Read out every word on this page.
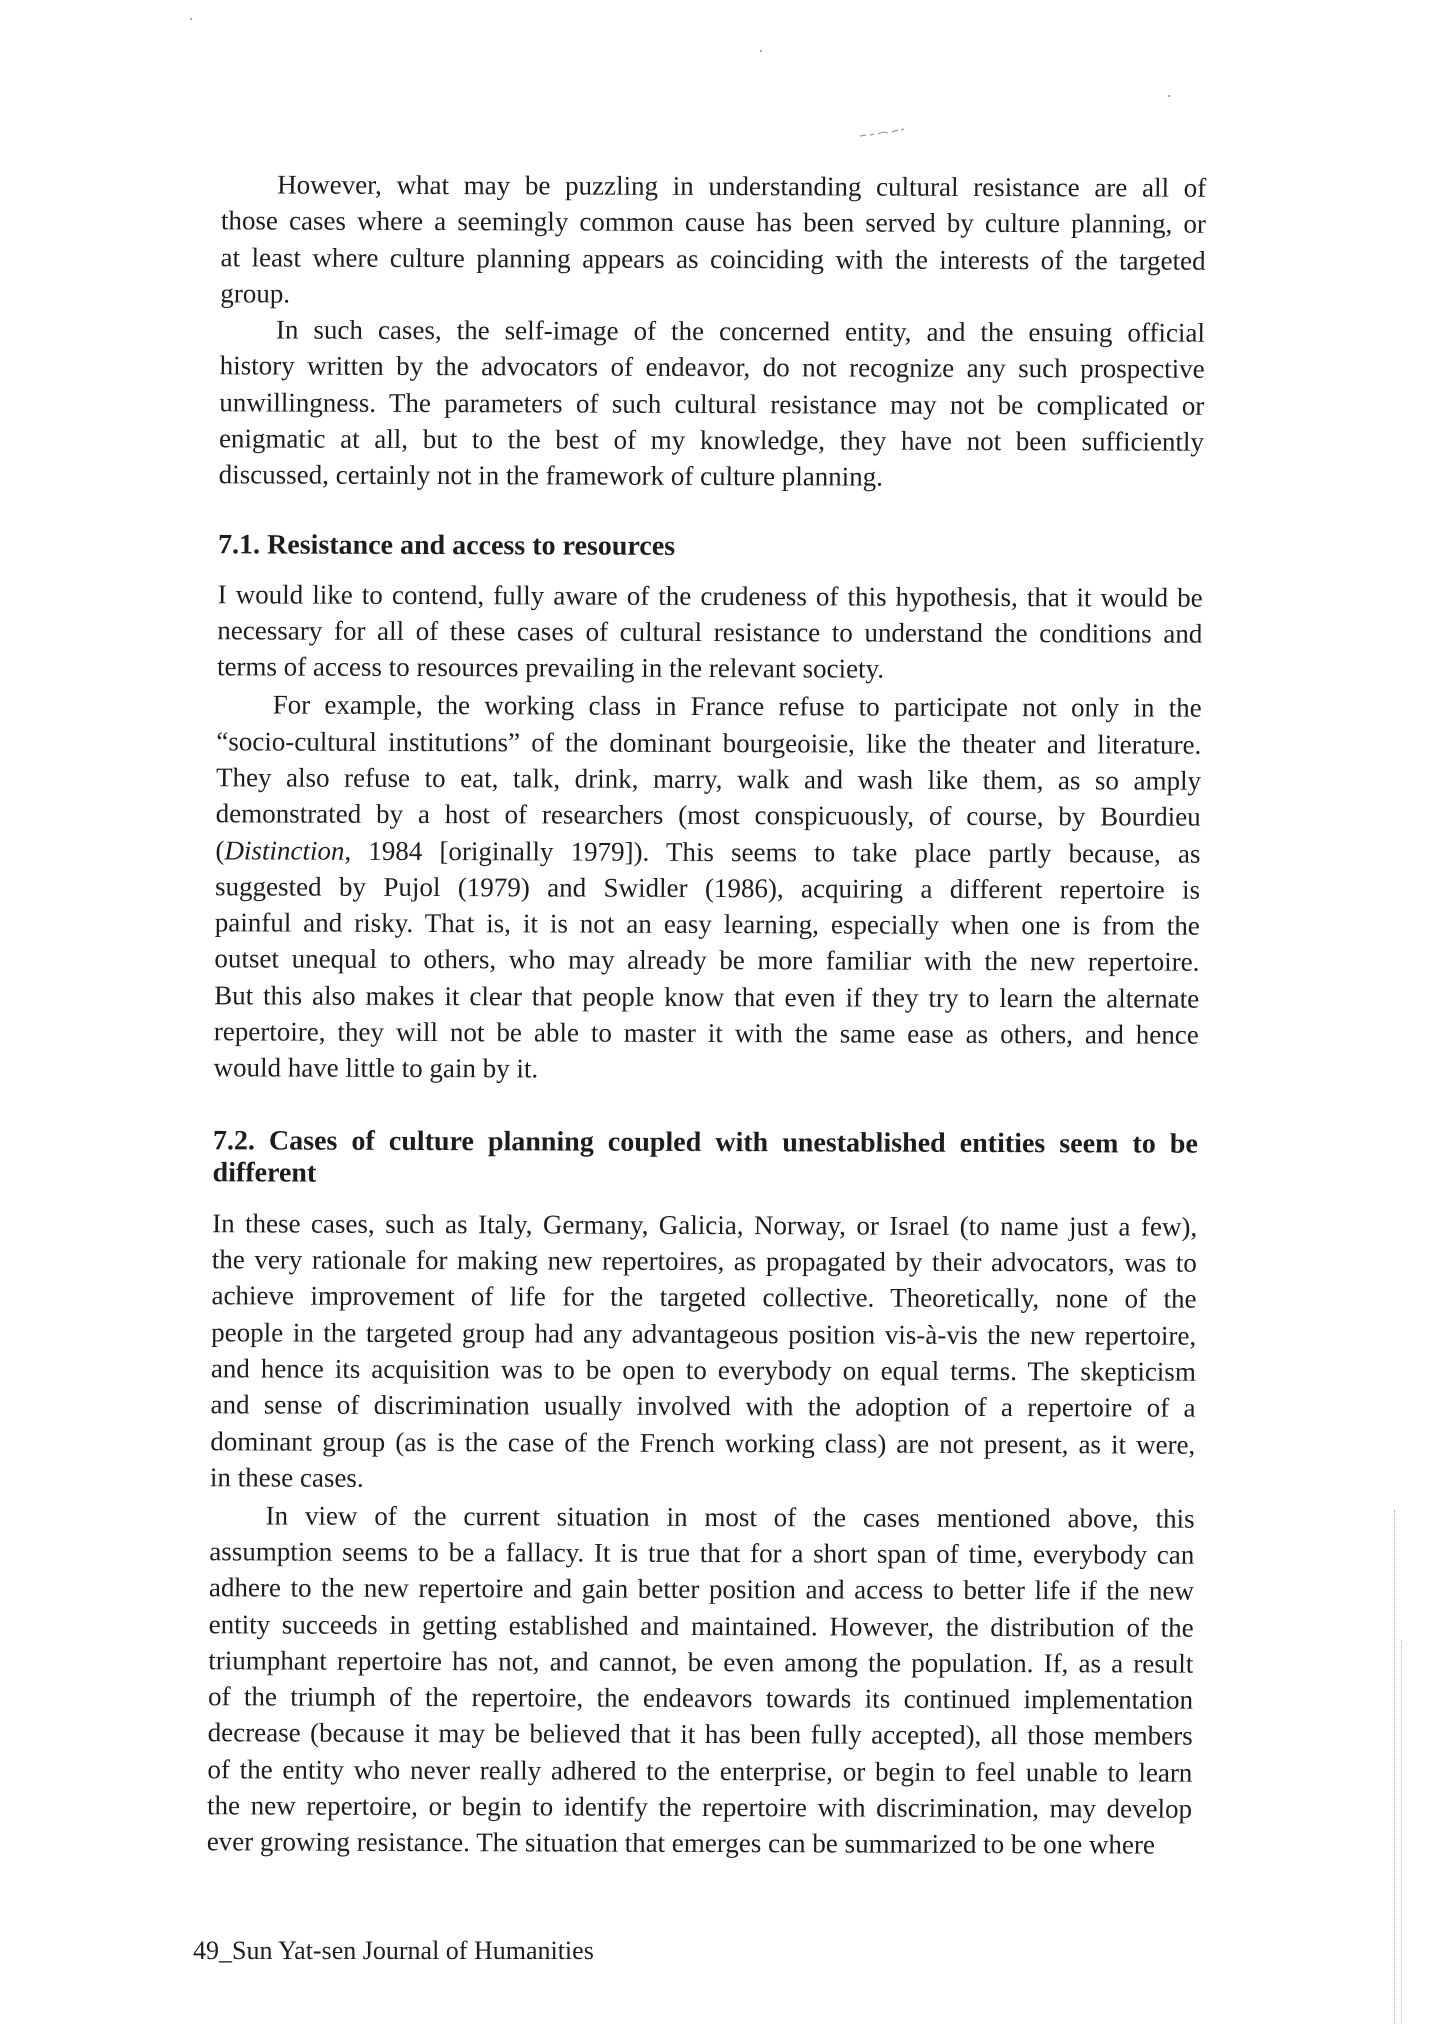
However, what may be puzzling in understanding cultural resistance are all of
those cases where a seemingly common cause has been served by culture planning, or
at least where culture planning appears as coinciding with the interests of the targeted
group.
In such cases, the self-image of the concerned entity, and the ensuing official
history written by the advocators of endeavor, do not recognize any such prospective
unwillingness. The parameters of such cultural resistance may not be complicated or
enigmatic at all, but to the best of my knowledge, they have not been sufficiently
discussed, certainly not in the framework of culture planning.
7.1. Resistance and access to resources
I would like to contend, fully aware of the crudeness of this hypothesis, that it would be
necessary for all of these cases of cultural resistance to understand the conditions and
terms of access to resources prevailing in the relevant society.
For example, the working class in France refuse to participate not only in the
“socio-cultural institutions” of the dominant bourgeoisie, like the theater and literature.
They also refuse to eat, talk, drink, marry, walk and wash like them, as so amply
demonstrated by a host of researchers (most conspicuously, of course, by Bourdieu
(Distinction, 1984 [originally 1979]). This seems to take place partly because, as
suggested by Pujol (1979) and Swidler (1986), acquiring a different repertoire is
painful and risky. That is, it is not an easy learning, especially when one is from the
outset unequal to others, who may already be more familiar with the new repertoire.
But this also makes it clear that people know that even if they try to learn the alternate
repertoire, they will not be able to master it with the same ease as others, and hence
would have little to gain by it.
7.2. Cases of culture planning coupled with unestablished entities seem to be
different
In these cases, such as Italy, Germany, Galicia, Norway, or Israel (to name just a few),
the very rationale for making new repertoires, as propagated by their advocators, was to
achieve improvement of life for the targeted collective. Theoretically, none of the
people in the targeted group had any advantageous position vis-à-vis the new repertoire,
and hence its acquisition was to be open to everybody on equal terms. The skepticism
and sense of discrimination usually involved with the adoption of a repertoire of a
dominant group (as is the case of the French working class) are not present, as it were,
in these cases.
In view of the current situation in most of the cases mentioned above, this
assumption seems to be a fallacy. It is true that for a short span of time, everybody can
adhere to the new repertoire and gain better position and access to better life if the new
entity succeeds in getting established and maintained. However, the distribution of the
triumphant repertoire has not, and cannot, be even among the population. If, as a result
of the triumph of the repertoire, the endeavors towards its continued implementation
decrease (because it may be believed that it has been fully accepted), all those members
of the entity who never really adhered to the enterprise, or begin to feel unable to learn
the new repertoire, or begin to identify the repertoire with discrimination, may develop
ever growing resistance. The situation that emerges can be summarized to be one where
49_Sun Yat-sen Journal of Humanities
